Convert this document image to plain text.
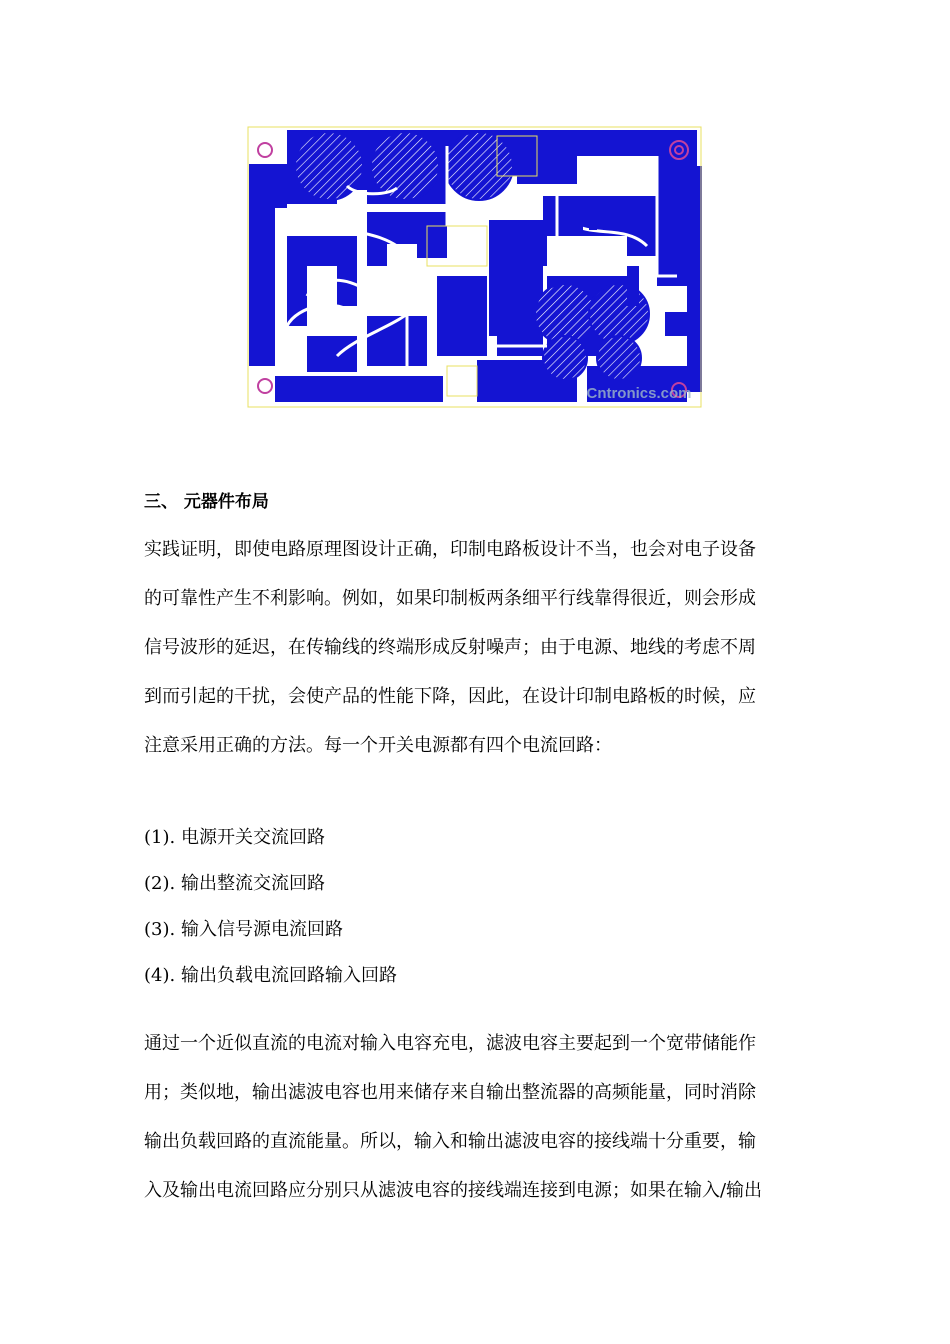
Cntronics.com
三、 元器件布局
实践证明，即使电路原理图设计正确，印制电路板设计不当，也会对电子设备
的可靠性产生不利影响。例如，如果印制板两条细平行线靠得很近，则会形成
信号波形的延迟，在传输线的终端形成反射噪声；由于电源、地线的考虑不周
到而引起的干扰，会使产品的性能下降，因此，在设计印制电路板的时候，应
注意采用正确的方法。每一个开关电源都有四个电流回路：
(1). 电源开关交流回路
(2). 输出整流交流回路
(3). 输入信号源电流回路
(4). 输出负载电流回路输入回路
通过一个近似直流的电流对输入电容充电，滤波电容主要起到一个宽带储能作
用；类似地，输出滤波电容也用来储存来自输出整流器的高频能量，同时消除
输出负载回路的直流能量。所以，输入和输出滤波电容的接线端十分重要，输
入及输出电流回路应分别只从滤波电容的接线端连接到电源；如果在输入/输出
